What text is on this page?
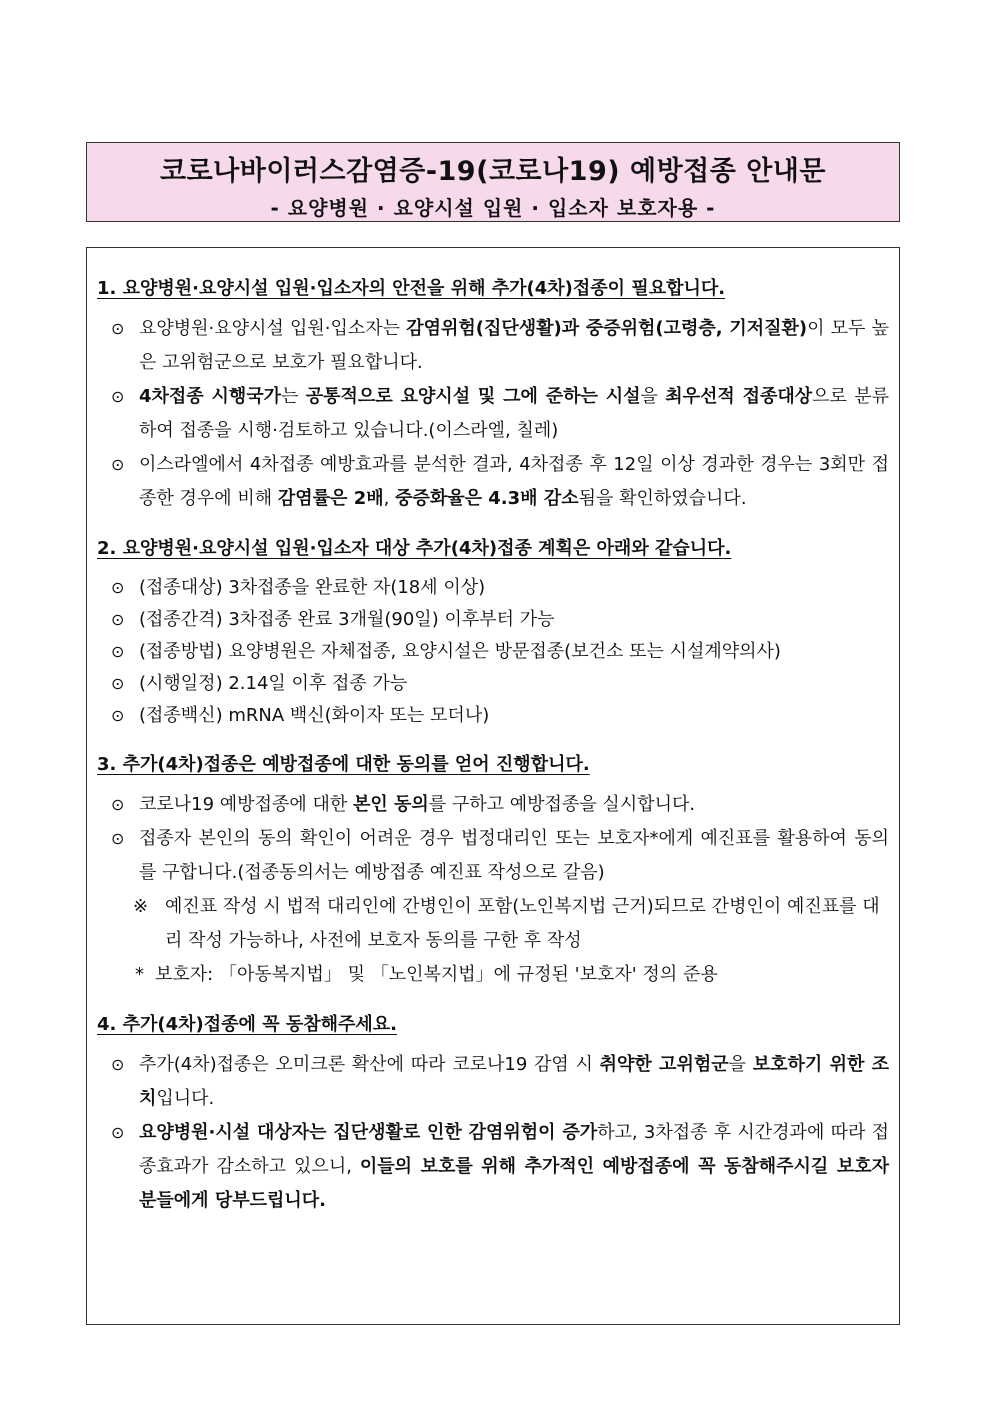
코로나바이러스감염증-19(코로나19) 예방접종 안내문
- 요양병원 · 요양시설 입원 · 입소자 보호자용 -
1. 요양병원·요양시설 입원·입소자의 안전을 위해 추가(4차)접종이 필요합니다.

⊙ 요양병원·요양시설 입원·입소자는 감염위험(집단생활)과 중증위험(고령층, 기저질환)이 모두 높은 고위험군으로 보호가 필요합니다.

⊙ 4차접종 시행국가는 공통적으로 요양시설 및 그에 준하는 시설을 최우선적 접종대상으로 분류하여 접종을 시행·검토하고 있습니다.(이스라엘, 칠레)

⊙ 이스라엘에서 4차접종 예방효과를 분석한 결과, 4차접종 후 12일 이상 경과한 경우는 3회만 접종한 경우에 비해 감염률은 2배, 중증화율은 4.3배 감소됨을 확인하였습니다.

2. 요양병원·요양시설 입원·입소자 대상 추가(4차)접종 계획은 아래와 같습니다.

⊙ (접종대상) 3차접종을 완료한 자(18세 이상)

⊙ (접종간격) 3차접종 완료 3개월(90일) 이후부터 가능

⊙ (접종방법) 요양병원은 자체접종, 요양시설은 방문접종(보건소 또는 시설계약의사)

⊙ (시행일정) 2.14일 이후 접종 가능

⊙ (접종백신) mRNA 백신(화이자 또는 모더나)

3. 추가(4차)접종은 예방접종에 대한 동의를 얻어 진행합니다.

⊙ 코로나19 예방접종에 대한 본인 동의를 구하고 예방접종을 실시합니다.

⊙ 접종자 본인의 동의 확인이 어려운 경우 법정대리인 또는 보호자*에게 예진표를 활용하여 동의를 구합니다.(접종동의서는 예방접종 예진표 작성으로 갈음)

※ 예진표 작성 시 법적 대리인에 간병인이 포함(노인복지법 근거)되므로 간병인이 예진표를 대리 작성 가능하나, 사전에 보호자 동의를 구한 후 작성

* 보호자: 「아동복지법」 및 「노인복지법」에 규정된 '보호자' 정의 준용

4. 추가(4차)접종에 꼭 동참해주세요.

⊙ 추가(4차)접종은 오미크론 확산에 따라 코로나19 감염 시 취약한 고위험군을 보호하기 위한 조치입니다.

⊙ 요양병원·시설 대상자는 집단생활로 인한 감염위험이 증가하고, 3차접종 후 시간경과에 따라 접종효과가 감소하고 있으니, 이들의 보호를 위해 추가적인 예방접종에 꼭 동참해주시길 보호자 분들에게 당부드립니다.
